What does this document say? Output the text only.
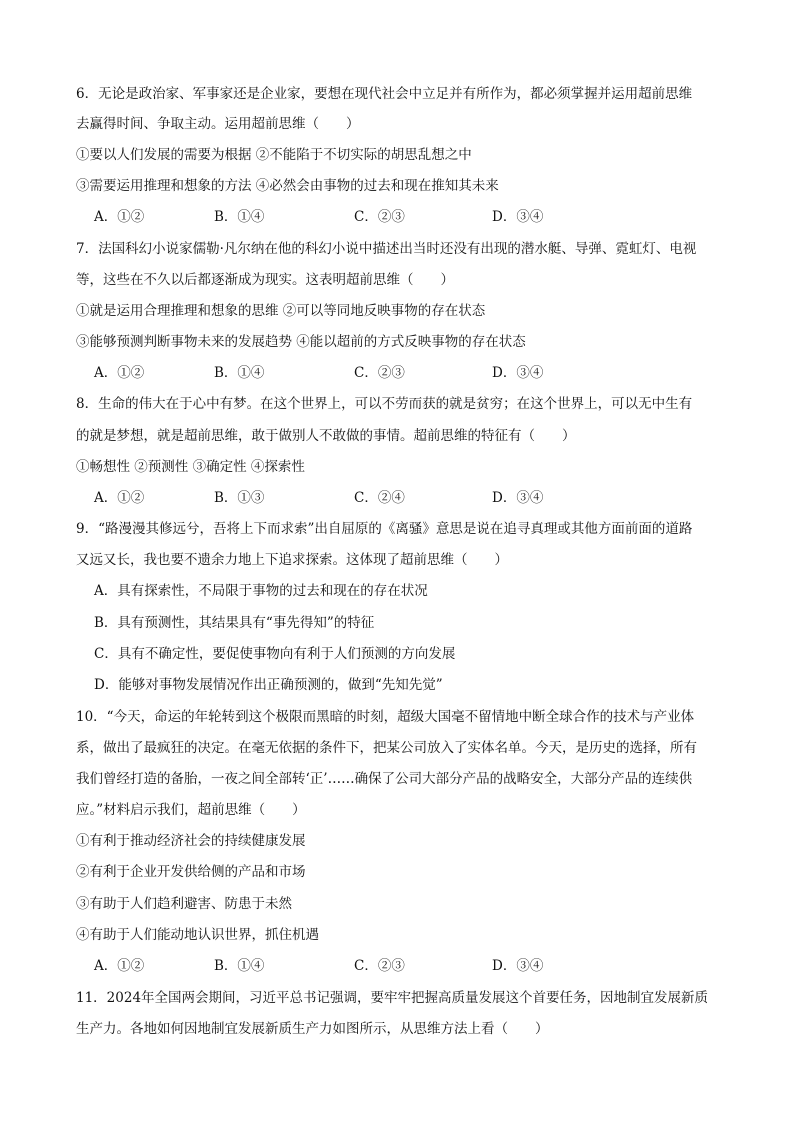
6．无论是政治家、军事家还是企业家，要想在现代社会中立足并有所作为，都必须掌握并运用超前思维
去赢得时间、争取主动。运用超前思维（　　）
①要以人们发展的需要为根据 ②不能陷于不切实际的胡思乱想之中
③需要运用推理和想象的方法 ④必然会由事物的过去和现在推知其未来
A．①②	B．①④	C．②③	D．③④
7．法国科幻小说家儒勒·凡尔纳在他的科幻小说中描述出当时还没有出现的潜水艇、导弹、霓虹灯、电视
等，这些在不久以后都逐渐成为现实。这表明超前思维（　　）
①就是运用合理推理和想象的思维 ②可以等同地反映事物的存在状态
③能够预测判断事物未来的发展趋势 ④能以超前的方式反映事物的存在状态
A．①②	B．①④	C．②③	D．③④
8．生命的伟大在于心中有梦。在这个世界上，可以不劳而获的就是贫穷；在这个世界上，可以无中生有
的就是梦想，就是超前思维，敢于做别人不敢做的事情。超前思维的特征有（　　）
①畅想性 ②预测性 ③确定性 ④探索性
A．①②	B．①③	C．②④	D．③④
9．“路漫漫其修远兮，吾将上下而求索”出自屈原的《离骚》意思是说在追寻真理或其他方面前面的道路
又远又长，我也要不遗余力地上下追求探索。这体现了超前思维（　　）
A．具有探索性，不局限于事物的过去和现在的存在状况
B．具有预测性，其结果具有“事先得知”的特征
C．具有不确定性，要促使事物向有利于人们预测的方向发展
D．能够对事物发展情况作出正确预测的，做到“先知先觉”
10．“今天，命运的年轮转到这个极限而黑暗的时刻，超级大国毫不留情地中断全球合作的技术与产业体
系，做出了最疯狂的决定。在毫无依据的条件下，把某公司放入了实体名单。今天，是历史的选择，所有
我们曾经打造的备胎，一夜之间全部转‘正’……确保了公司大部分产品的战略安全，大部分产品的连续供
应。”材料启示我们，超前思维（　　）
①有利于推动经济社会的持续健康发展
②有利于企业开发供给侧的产品和市场
③有助于人们趋利避害、防患于未然
④有助于人们能动地认识世界，抓住机遇
A．①②	B．①④	C．②③	D．③④
11．2024年全国两会期间，习近平总书记强调，要牢牢把握高质量发展这个首要任务，因地制宜发展新质
生产力。各地如何因地制宜发展新质生产力如图所示，从思维方法上看（　　）
